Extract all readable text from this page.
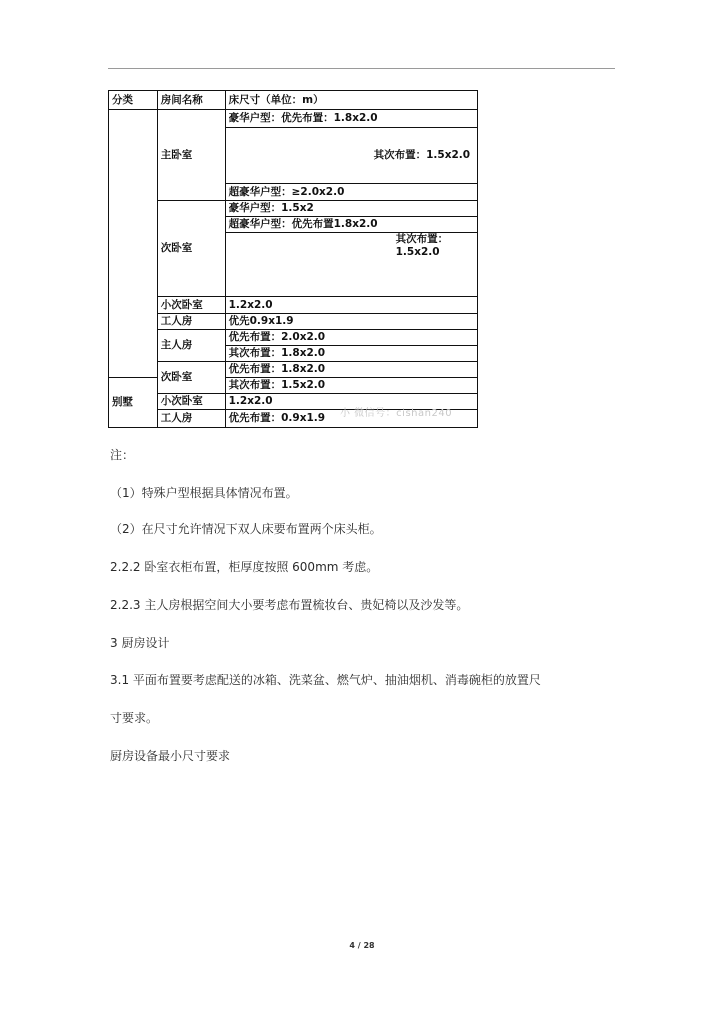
分类	房间名称	床尺寸（单位：m）
	主卧室	豪华户型：优先布置：1.8x2.0
		其次布置：1.5x2.0
		超豪华户型：≥2.0x2.0
	次卧室	豪华户型：1.5x2
		超豪华户型：优先布置1.8x2.0
		其次布置：1.5x2.0
	小次卧室	1.2x2.0
	工人房	优先0.9x1.9
	主人房	优先布置：2.0x2.0
		其次布置：1.8x2.0
	次卧室	优先布置：1.8x2.0
别墅		其次布置：1.5x2.0
	小次卧室	1.2x2.0
	工人房	优先布置：0.9x1.9 小 微信号：cishan240

注：

（1）特殊户型根据具体情况布置。

（2）在尺寸允许情况下双人床要布置两个床头柜。

2.2.2 卧室衣柜布置，柜厚度按照 600mm 考虑。

2.2.3 主人房根据空间大小要考虑布置梳妆台、贵妃椅以及沙发等。

3 厨房设计

3.1 平面布置要考虑配送的冰箱、洗菜盆、燃气炉、抽油烟机、消毒碗柜的放置尺

寸要求。

厨房设备最小尺寸要求

4 / 28
